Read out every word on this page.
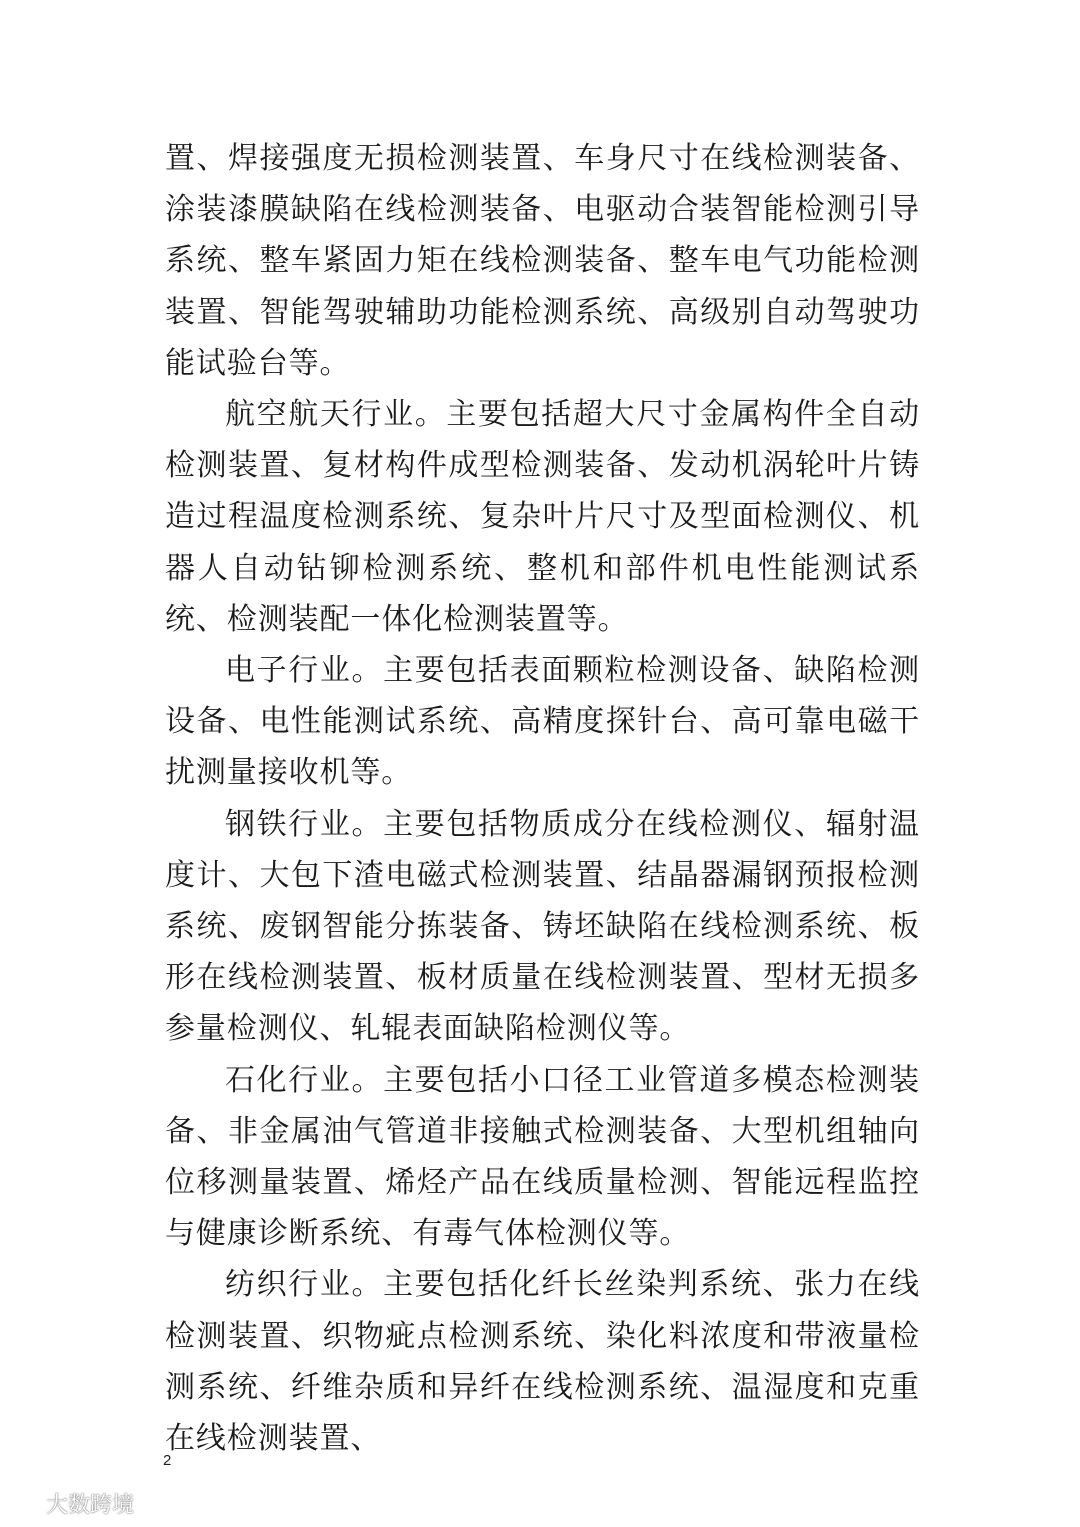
置、焊接强度无损检测装置、车身尺寸在线检测装备、涂装漆膜缺陷在线检测装备、电驱动合装智能检测引导系统、整车紧固力矩在线检测装备、整车电气功能检测装置、智能驾驶辅助功能检测系统、高级别自动驾驶功能试验台等。

航空航天行业。主要包括超大尺寸金属构件全自动检测装置、复材构件成型检测装备、发动机涡轮叶片铸造过程温度检测系统、复杂叶片尺寸及型面检测仪、机器人自动钻铆检测系统、整机和部件机电性能测试系统、检测装配一体化检测装置等。

电子行业。主要包括表面颗粒检测设备、缺陷检测设备、电性能测试系统、高精度探针台、高可靠电磁干扰测量接收机等。

钢铁行业。主要包括物质成分在线检测仪、辐射温度计、大包下渣电磁式检测装置、结晶器漏钢预报检测系统、废钢智能分拣装备、铸坯缺陷在线检测系统、板形在线检测装置、板材质量在线检测装置、型材无损多参量检测仪、轧辊表面缺陷检测仪等。

石化行业。主要包括小口径工业管道多模态检测装备、非金属油气管道非接触式检测装备、大型机组轴向位移测量装置、烯烃产品在线质量检测、智能远程监控与健康诊断系统、有毒气体检测仪等。

纺织行业。主要包括化纤长丝染判系统、张力在线检测装置、织物疵点检测系统、染化料浓度和带液量检测系统、纤维杂质和异纤在线检测系统、温湿度和克重在线检测装置、

2
大数跨境
